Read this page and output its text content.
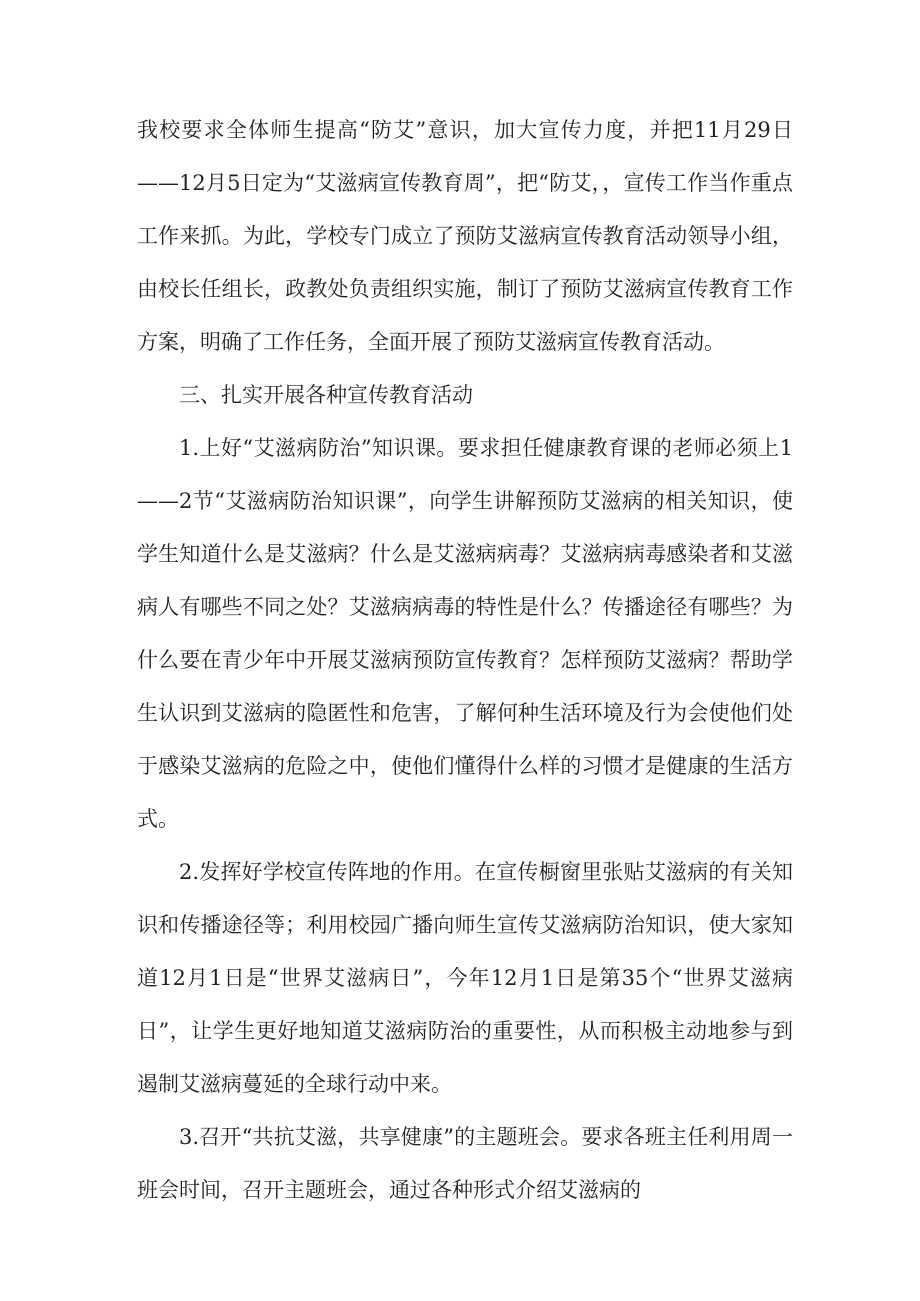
我校要求全体师生提高“防艾”意识，加大宣传力度，并把11月29日——12月5日定为“艾滋病宣传教育周”，把“防艾，，宣传工作当作重点工作来抓。为此，学校专门成立了预防艾滋病宣传教育活动领导小组，由校长任组长，政教处负责组织实施，制订了预防艾滋病宣传教育工作方案，明确了工作任务，全面开展了预防艾滋病宣传教育活动。

三、扎实开展各种宣传教育活动

1.上好“艾滋病防治”知识课。要求担任健康教育课的老师必须上1——2节“艾滋病防治知识课”，向学生讲解预防艾滋病的相关知识，使学生知道什么是艾滋病？什么是艾滋病病毒？艾滋病病毒感染者和艾滋病人有哪些不同之处？艾滋病病毒的特性是什么？传播途径有哪些？为什么要在青少年中开展艾滋病预防宣传教育？怎样预防艾滋病？帮助学生认识到艾滋病的隐匿性和危害，了解何种生活环境及行为会使他们处于感染艾滋病的危险之中，使他们懂得什么样的习惯才是健康的生活方式。

2.发挥好学校宣传阵地的作用。在宣传橱窗里张贴艾滋病的有关知识和传播途径等；利用校园广播向师生宣传艾滋病防治知识，使大家知道12月1日是“世界艾滋病日”，今年12月1日是第35个“世界艾滋病日”，让学生更好地知道艾滋病防治的重要性，从而积极主动地参与到遏制艾滋病蔓延的全球行动中来。

3.召开“共抗艾滋，共享健康”的主题班会。要求各班主任利用周一班会时间，召开主题班会，通过各种形式介绍艾滋病的
